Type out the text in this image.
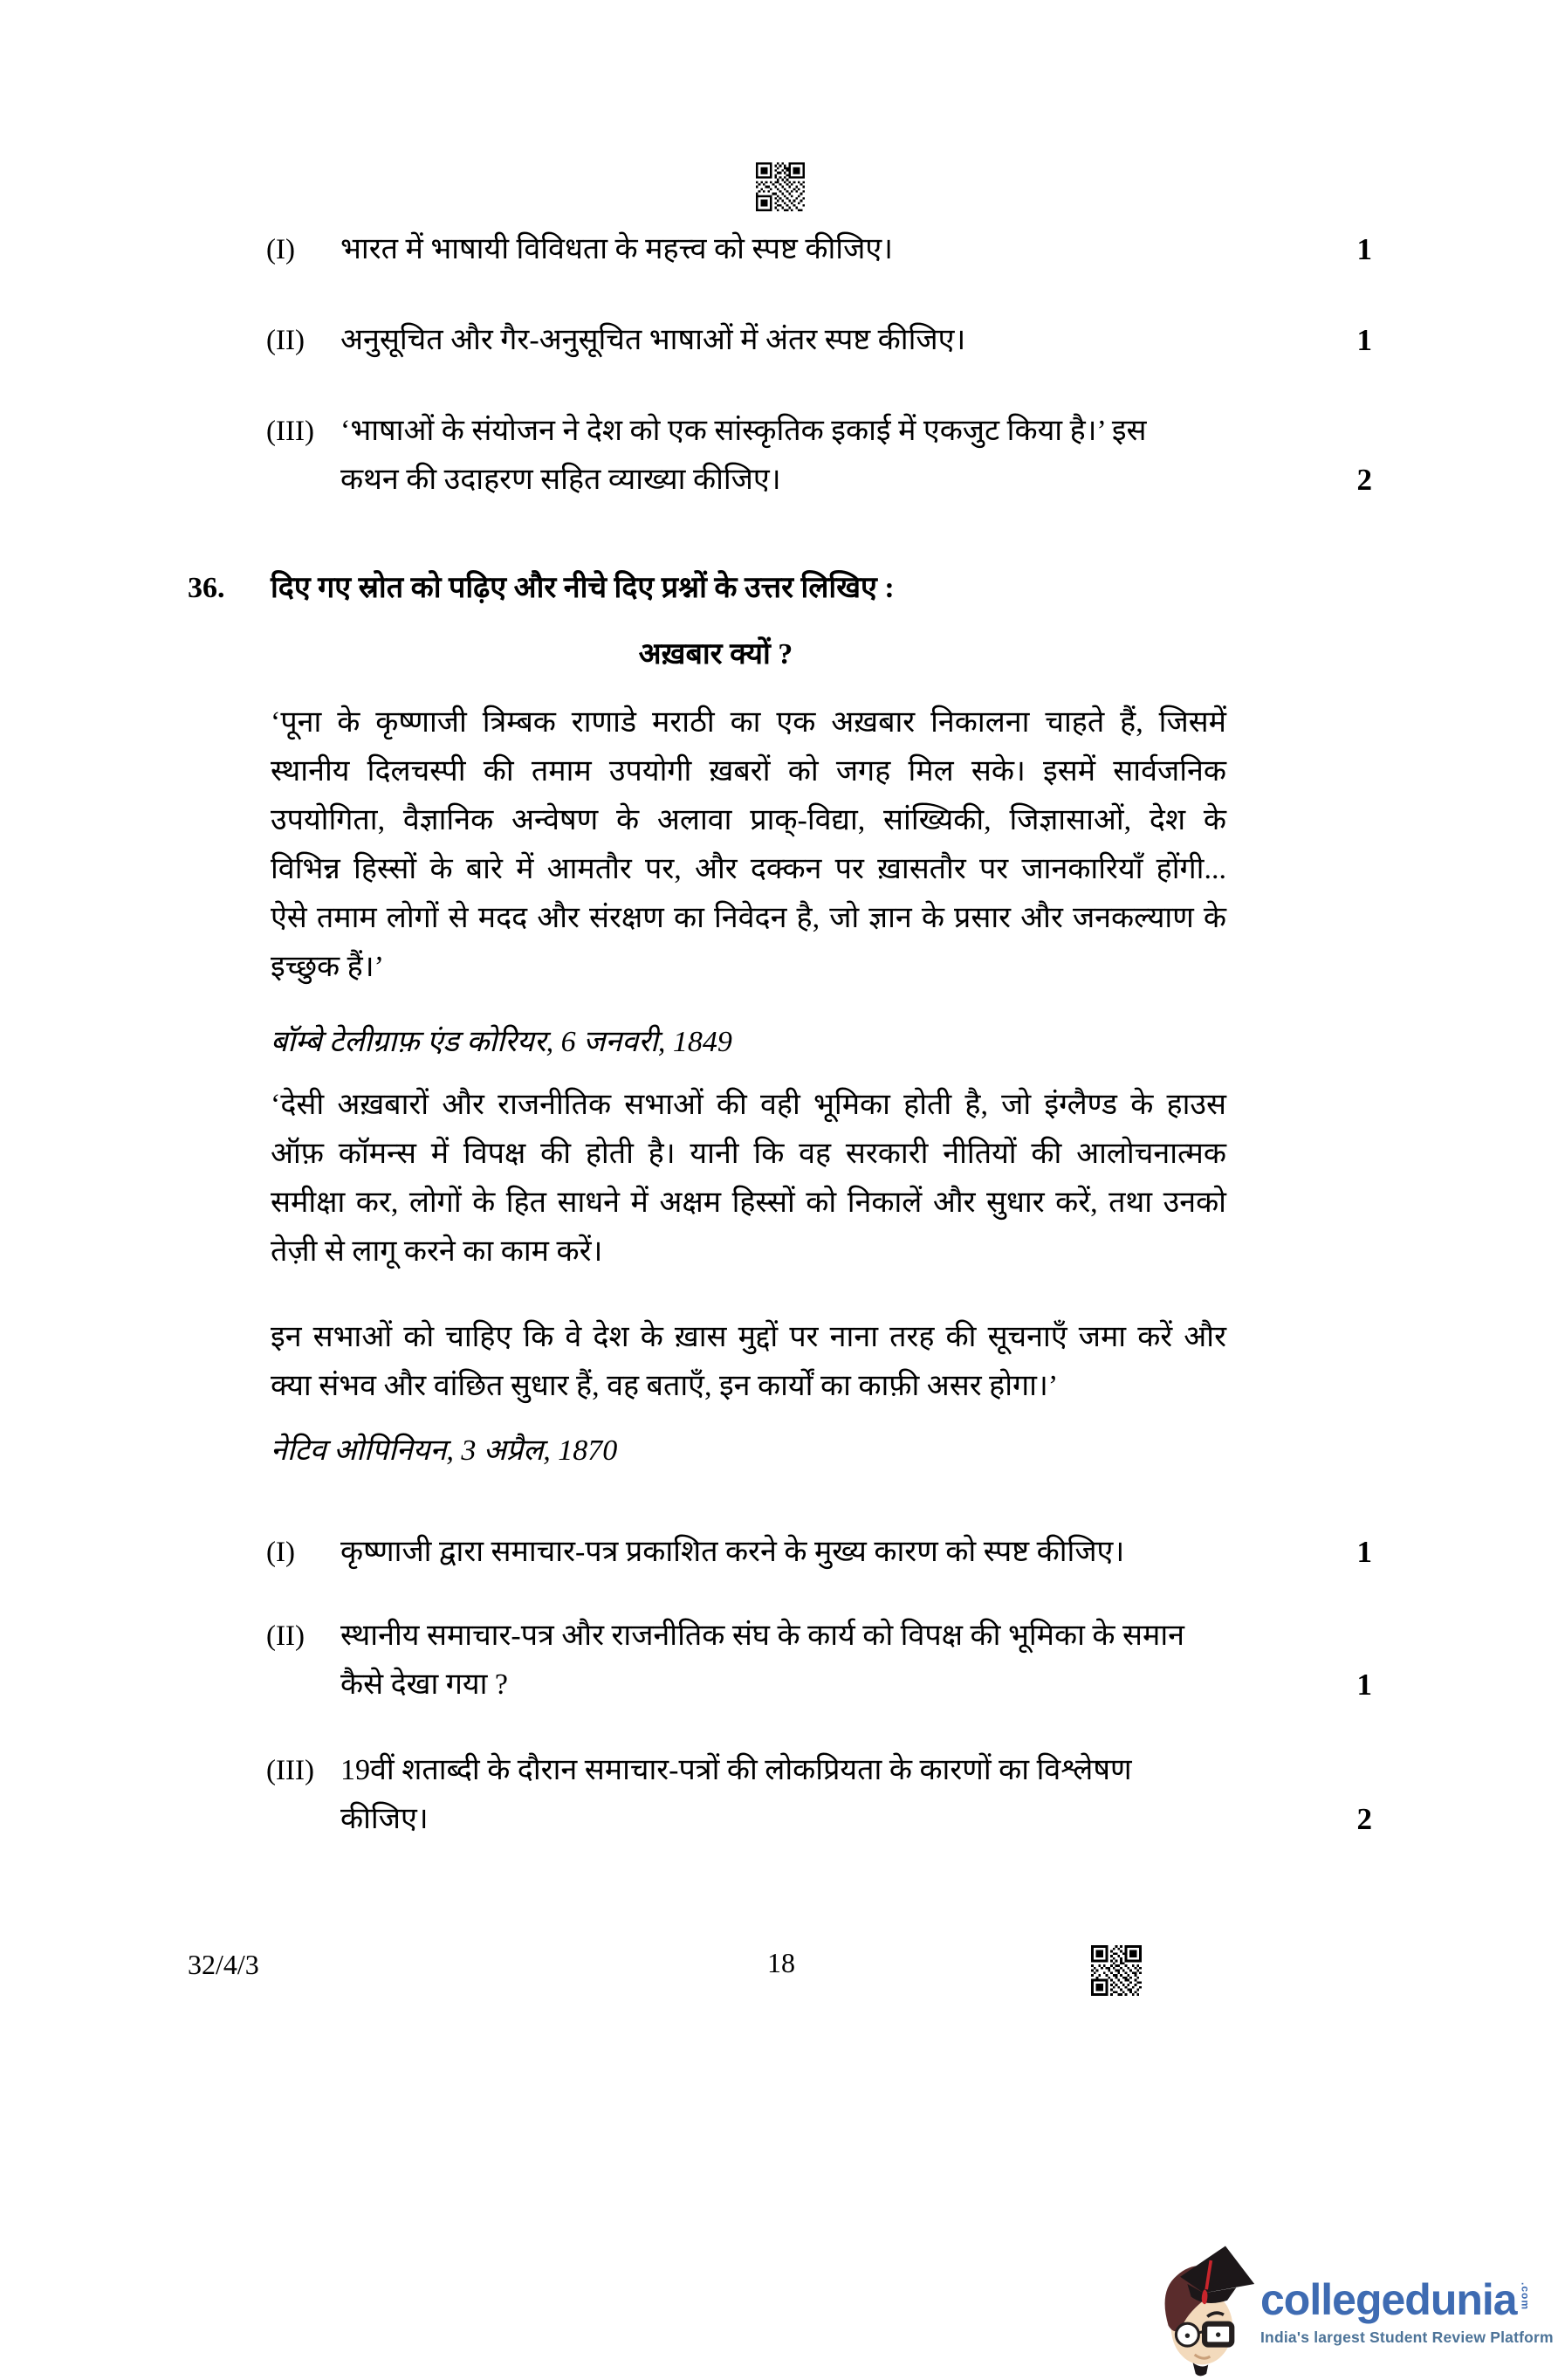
(I) भारत में भाषायी विविधता के महत्त्व को स्पष्ट कीजिए।	1
(II) अनुसूचित और गैर-अनुसूचित भाषाओं में अंतर स्पष्ट कीजिए।	1
(III) ‘भाषाओं के संयोजन ने देश को एक सांस्कृतिक इकाई में एकजुट किया है।’ इस
कथन की उदाहरण सहित व्याख्या कीजिए।	2
36. दिए गए स्रोत को पढ़िए और नीचे दिए प्रश्नों के उत्तर लिखिए :
अख़बार क्यों ?
‘पूना के कृष्णाजी त्रिम्बक राणाडे मराठी का एक अख़बार निकालना चाहते हैं, जिसमें
स्थानीय दिलचस्पी की तमाम उपयोगी ख़बरों को जगह मिल सके। इसमें सार्वजनिक
उपयोगिता, वैज्ञानिक अन्वेषण के अलावा प्राक्-विद्या, सांख्यिकी, जिज्ञासाओं, देश के
विभिन्न हिस्सों के बारे में आमतौर पर, और दक्कन पर ख़ासतौर पर जानकारियाँ होंगी...
ऐसे तमाम लोगों से मदद और संरक्षण का निवेदन है, जो ज्ञान के प्रसार और जनकल्याण के
इच्छुक हैं।’
बॉम्बे टेलीग्राफ़ एंड कोरियर, 6 जनवरी, 1849
‘देसी अख़बारों और राजनीतिक सभाओं की वही भूमिका होती है, जो इंग्लैण्ड के हाउस
ऑफ़ कॉमन्स में विपक्ष की होती है। यानी कि वह सरकारी नीतियों की आलोचनात्मक
समीक्षा कर, लोगों के हित साधने में अक्षम हिस्सों को निकालें और सुधार करें, तथा उनको
तेज़ी से लागू करने का काम करें।
इन सभाओं को चाहिए कि वे देश के ख़ास मुद्दों पर नाना तरह की सूचनाएँ जमा करें और
क्या संभव और वांछित सुधार हैं, वह बताएँ, इन कार्यों का काफ़ी असर होगा।’
नेटिव ओपिनियन, 3 अप्रैल, 1870
(I) कृष्णाजी द्वारा समाचार-पत्र प्रकाशित करने के मुख्य कारण को स्पष्ट कीजिए।	1
(II) स्थानीय समाचार-पत्र और राजनीतिक संघ के कार्य को विपक्ष की भूमिका के समान
कैसे देखा गया ?	1
(III) 19वीं शताब्दी के दौरान समाचार-पत्रों की लोकप्रियता के कारणों का विश्लेषण
कीजिए।	2
32/4/3	18
collegedunia .com
India's largest Student Review Platform
